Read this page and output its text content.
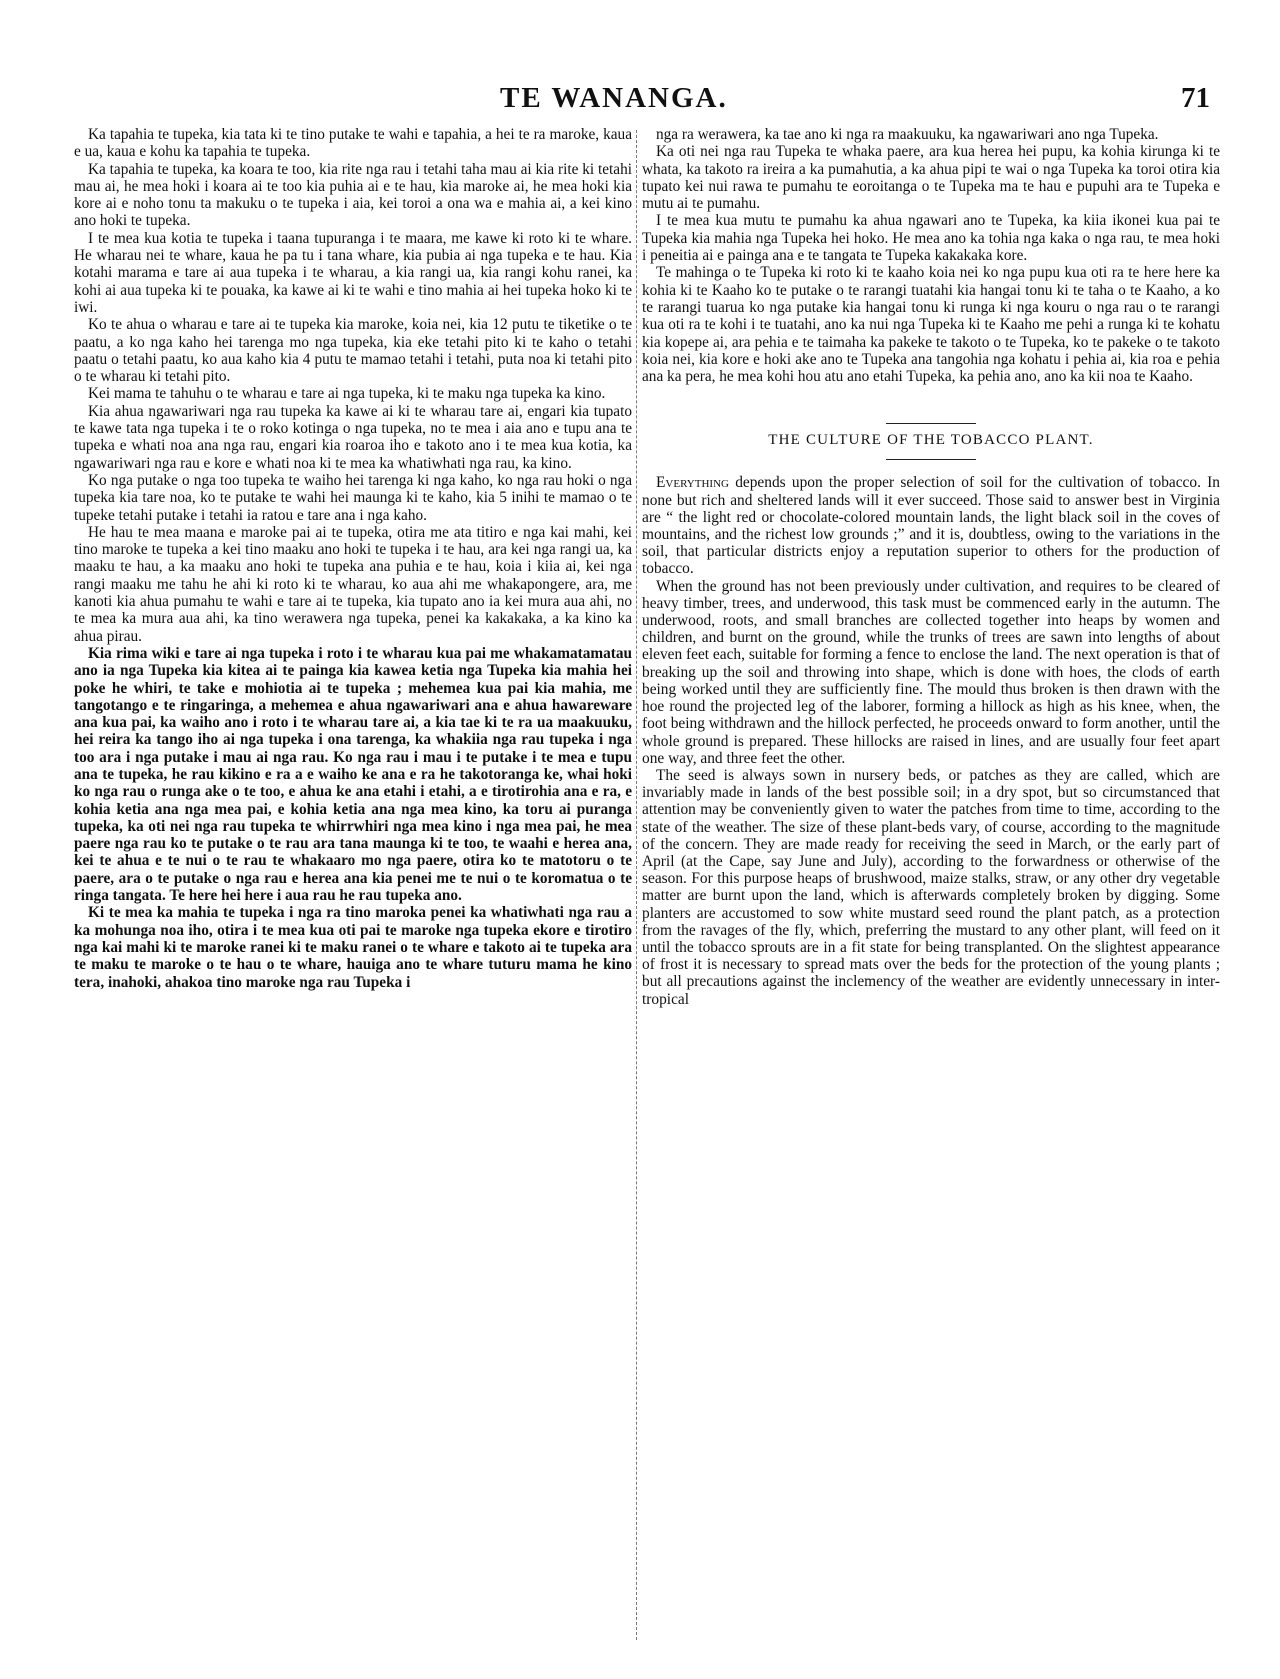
TE WANANGA.	71

Ka tapahia te tupeka, kia tata ki te tino putake te wahi e tapahia, a hei te ra maroke, kaua e ua, kaua e kohu ka tapahia te tupeka.

Ka tapahia te tupeka, ka koara te too, kia rite nga rau i tetahi taha mau ai kia rite ki tetahi mau ai, he mea hoki i koara ai te too kia puhia ai e te hau, kia maroke ai, he mea hoki kia kore ai e noho tonu ta makuku o te tupeka i aia, kei toroi a ona wa e mahia ai, a kei kino ano hoki te tupeka.

I te mea kua kotia te tupeka i taana tupuranga i te maara, me kawe ki roto ki te whare. He wharau nei te whare, kaua he pa tu i tana whare, kia pubia ai nga tupeka e te hau. Kia kotahi marama e tare ai aua tupeka i te wharau, a kia rangi ua, kia rangi kohu ranei, ka kohi ai aua tupeka ki te pouaka, ka kawe ai ki te wahi e tino mahia ai hei tupeka hoko ki te iwi.

Ko te ahua o wharau e tare ai te tupeka kia maroke, koia nei, kia 12 putu te tiketike o te paatu, a ko nga kaho hei tarenga mo nga tupeka, kia eke tetahi pito ki te kaho o tetahi paatu o tetahi paatu, ko aua kaho kia 4 putu te mamao tetahi i tetahi, puta noa ki tetahi pito o te wharau ki tetahi pito.

Kei mama te tahuhu o te wharau e tare ai nga tupeka, ki te maku nga tupeka ka kino.

Kia ahua ngawariwari nga rau tupeka ka kawe ai ki te wharau tare ai, engari kia tupato te kawe tata nga tupeka i te o roko kotinga o nga tupeka, no te mea i aia ano e tupu ana te tupeka e whati noa ana nga rau, engari kia roaroa iho e takoto ano i te mea kua kotia, ka ngawariwari nga rau e kore e whati noa ki te mea ka whatiwhati nga rau, ka kino.

Ko nga putake o nga too tupeka te waiho hei tarenga ki nga kaho, ko nga rau hoki o nga tupeka kia tare noa, ko te putake te wahi hei maunga ki te kaho, kia 5 inihi te mamao o te tupeke tetahi putake i tetahi ia ratou e tare ana i nga kaho.

He hau te mea maana e maroke pai ai te tupeka, otira me ata titiro e nga kai mahi, kei tino maroke te tupeka a kei tino maaku ano hoki te tupeka i te hau, ara kei nga rangi ua, ka maaku te hau, a ka maaku ano hoki te tupeka ana puhia e te hau, koia i kiia ai, kei nga rangi maaku me tahu he ahi ki roto ki te wharau, ko aua ahi me whakapongere, ara, me kanoti kia ahua pumahu te wahi e tare ai te tupeka, kia tupato ano ia kei mura aua ahi, no te mea ka mura aua ahi, ka tino werawera nga tupeka, penei ka kakakaka, a ka kino ka ahua pirau.

Kia rima wiki e tare ai nga tupeka i roto i te wharau kua pai me whakamatamatau ano ia nga Tupeka kia kitea ai te painga kia kawea ketia nga Tupeka kia mahia hei poke he whiri, te take e mohiotia ai te tupeka ; mehemea kua pai kia mahia, me tangotango e te ringaringa, a mehemea e ahua ngawariwari ana e ahua hawareware ana kua pai, ka waiho ano i roto i te wharau tare ai, a kia tae ki te ra ua maakuuku, hei reira ka tango iho ai nga tupeka i ona tarenga, ka whakiia nga rau tupeka i nga too ara i nga putake i mau ai nga rau. Ko nga rau i mau i te putake i te mea e tupu ana te tupeka, he rau kikino e ra a e waiho ke ana e ra he takotoranga ke, whai hoki ko nga rau o runga ake o te too, e ahua ke ana etahi i etahi, a e tirotirohia ana e ra, e kohia ketia ana nga mea pai, e kohia ketia ana nga mea kino, ka toru ai puranga tupeka, ka oti nei nga rau tupeka te whirrwhiri nga mea kino i nga mea pai, he mea paere nga rau ko te putake o te rau ara tana maunga ki te too, te waahi e herea ana, kei te ahua e te nui o te rau te whakaaro mo nga paere, otira ko te matotoru o te paere, ara o te putake o nga rau e herea ana kia penei me te nui o te koromatua o te ringa tangata. Te here hei here i aua rau he rau tupeka ano.

Ki te mea ka mahia te tupeka i nga ra tino maroka penei ka whatiwhati nga rau a ka mohunga noa iho, otira i te mea kua oti pai te maroke nga tupeka ekore e tirotiro nga kai mahi ki te maroke ranei ki te maku ranei o te whare e takoto ai te tupeka ara te maku te maroke o te hau o te whare, hauiga ano te whare tuturu mama he kino tera, inahoki, ahakoa tino maroke nga rau Tupeka i

nga ra werawera, ka tae ano ki nga ra maakuuku, ka ngawariwari ano nga Tupeka.

Ka oti nei nga rau Tupeka te whaka paere, ara kua herea hei pupu, ka kohia kirunga ki te whata, ka takoto ra ireira a ka pumahutia, a ka ahua pipi te wai o nga Tupeka ka toroi otira kia tupato kei nui rawa te pumahu te eoroitanga o te Tupeka ma te hau e pupuhi ara te Tupeka e mutu ai te pumahu.

I te mea kua mutu te pumahu ka ahua ngawari ano te Tupeka, ka kiia ikonei kua pai te Tupeka kia mahia nga Tupeka hei hoko. He mea ano ka tohia nga kaka o nga rau, te mea hoki i peneitia ai e painga ana e te tangata te Tupeka kakakaka kore.

Te mahinga o te Tupeka ki roto ki te kaaho koia nei ko nga pupu kua oti ra te here here ka kohia ki te Kaaho ko te putake o te rarangi tuatahi kia hangai tonu ki te taha o te Kaaho, a ko te rarangi tuarua ko nga putake kia hangai tonu ki runga ki nga kouru o nga rau o te rarangi kua oti ra te kohi i te tuatahi, ano ka nui nga Tupeka ki te Kaaho me pehi a runga ki te kohatu kia kopepe ai, ara pehia e te taimaha ka pakeke te takoto o te Tupeka, ko te pakeke o te takoto koia nei, kia kore e hoki ake ano te Tupeka ana tangohia nga kohatu i pehia ai, kia roa e pehia ana ka pera, he mea kohi hou atu ano etahi Tupeka, ka pehia ano, ano ka kii noa te Kaaho.

THE CULTURE OF THE TOBACCO PLANT.

Everything depends upon the proper selection of soil for the cultivation of tobacco. In none but rich and sheltered lands will it ever succeed. Those said to answer best in Virginia are “ the light red or chocolate-colored mountain lands, the light black soil in the coves of mountains, and the richest low grounds ;” and it is, doubtless, owing to the variations in the soil, that particular districts enjoy a reputation superior to others for the production of tobacco.

When the ground has not been previously under cultivation, and requires to be cleared of heavy timber, trees, and underwood, this task must be commenced early in the autumn. The underwood, roots, and small branches are collected together into heaps by women and children, and burnt on the ground, while the trunks of trees are sawn into lengths of about eleven feet each, suitable for forming a fence to enclose the land. The next operation is that of breaking up the soil and throwing into shape, which is done with hoes, the clods of earth being worked until they are sufficiently fine. The mould thus broken is then drawn with the hoe round the projected leg of the laborer, forming a hillock as high as his knee, when, the foot being withdrawn and the hillock perfected, he proceeds onward to form another, until the whole ground is prepared. These hillocks are raised in lines, and are usually four feet apart one way, and three feet the other.

The seed is always sown in nursery beds, or patches as they are called, which are invariably made in lands of the best possible soil; in a dry spot, but so circumstanced that attention may be conveniently given to water the patches from time to time, according to the state of the weather. The size of these plant-beds vary, of course, according to the magnitude of the concern. They are made ready for receiving the seed in March, or the early part of April (at the Cape, say June and July), according to the forwardness or otherwise of the season. For this purpose heaps of brushwood, maize stalks, straw, or any other dry vegetable matter are burnt upon the land, which is afterwards completely broken by digging. Some planters are accustomed to sow white mustard seed round the plant patch, as a protection from the ravages of the fly, which, preferring the mustard to any other plant, will feed on it until the tobacco sprouts are in a fit state for being transplanted. On the slightest appearance of frost it is necessary to spread mats over the beds for the protection of the young plants ; but all precautions against the inclemency of the weather are evidently unnecessary in inter-tropical
